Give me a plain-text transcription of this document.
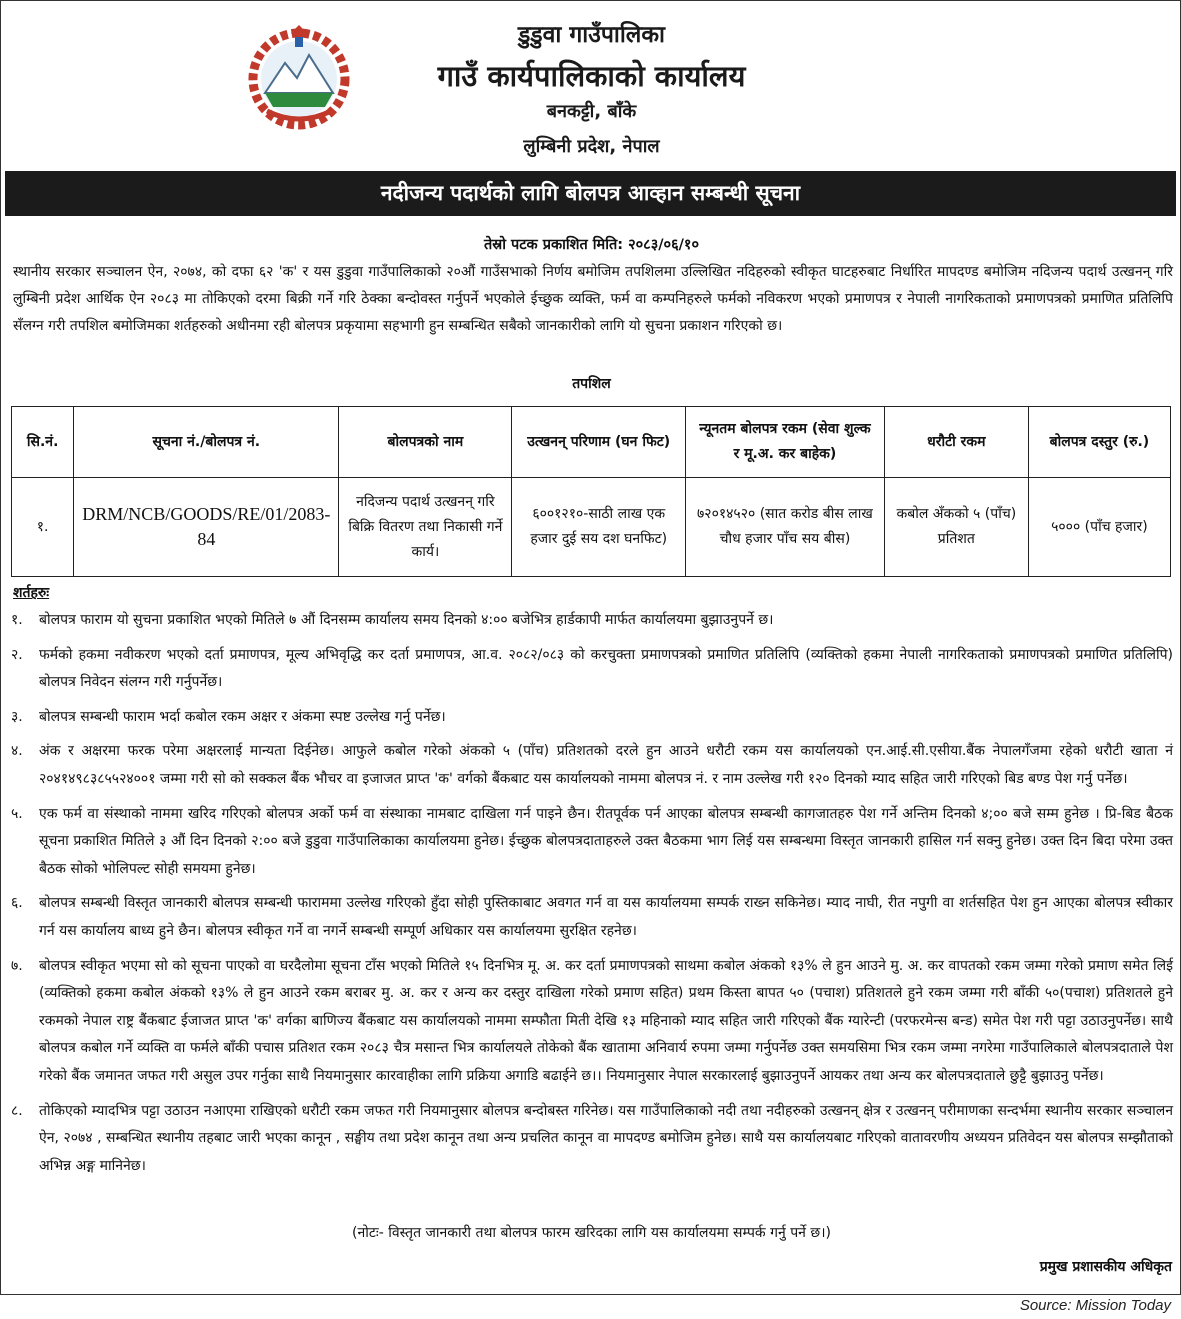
डुडुवा गाउँपालिका
गाउँ कार्यपालिकाको कार्यालय
बनकट्टी, बाँके
लुम्बिनी प्रदेश, नेपाल
नदीजन्य पदार्थको लागि बोलपत्र आव्हान सम्बन्धी सूचना
तेस्रो पटक प्रकाशित मिति: २०८३/०६/१०

स्थानीय सरकार सञ्चालन ऐन, २०७४, को दफा ६२ 'क' र यस डुडुवा गाउँपालिकाको २०औं गाउँसभाको निर्णय बमोजिम तपशिलमा उल्लिखित नदिहरुको स्वीकृत घाटहरुबाट निर्धारित मापदण्ड बमोजिम नदिजन्य पदार्थ उत्खनन् गरि लुम्बिनी प्रदेश आर्थिक ऐन २०८३ मा तोकिएको दरमा बिक्री गर्ने गरि ठेक्का बन्दोवस्त गर्नुपर्ने भएकोले ईच्छुक व्यक्ति, फर्म वा कम्पनिहरुले फर्मको नविकरण भएको प्रमाणपत्र र नेपाली नागरिकताको प्रमाणपत्रको प्रमाणित प्रतिलिपि सँलग्न गरी तपशिल बमोजिमका शर्तहरुको अधीनमा रही बोलपत्र प्रकृयामा सहभागी हुन सम्बन्धित सबैको जानकारीको लागि यो सुचना प्रकाशन गरिएको छ।

तपशिल
सि.नं.	सूचना नं./बोलपत्र नं.	बोलपत्रको नाम	उत्खनन् परिणाम (घन फिट)	न्यूनतम बोलपत्र रकम (सेवा शुल्क र मू.अ. कर बाहेक)	धरौटी रकम	बोलपत्र दस्तुर (रु.)
१.	DRM/NCB/GOODS/RE/01/2083-84	नदिजन्य पदार्थ उत्खनन् गरि बिक्रि वितरण तथा निकासी गर्ने कार्य।	६००१२१०-साठी लाख एक हजार दुई सय दश घनफिट)	७२०१४५२० (सात करोड बीस लाख चौध हजार पाँच सय बीस)	कबोल अँकको ५ (पाँच) प्रतिशत	५००० (पाँच हजार)
शर्तहरुः
१.	बोलपत्र फाराम यो सुचना प्रकाशित भएको मितिले ७ औं दिनसम्म कार्यालय समय दिनको ४:०० बजेभित्र हार्डकापी मार्फत कार्यालयमा बुझाउनुपर्ने छ।
२.	फर्मको हकमा नवीकरण भएको दर्ता प्रमाणपत्र, मूल्य अभिवृद्धि कर दर्ता प्रमाणपत्र, आ.व. २०८२/०८३ को करचुक्ता प्रमाणपत्रको प्रमाणित प्रतिलिपि (व्यक्तिको हकमा नेपाली नागरिकताको प्रमाणपत्रको प्रमाणित प्रतिलिपि) बोलपत्र निवेदन संलग्न गरी गर्नुपर्नेछ।
३.	बोलपत्र सम्बन्धी फाराम भर्दा कबोल रकम अक्षर र अंकमा स्पष्ट उल्लेख गर्नु पर्नेछ।
४.	अंक र अक्षरमा फरक परेमा अक्षरलाई मान्यता दिईनेछ। आफुले कबोल गरेको अंकको ५ (पाँच) प्रतिशतको दरले हुन आउने धरौटी रकम यस कार्यालयको एन.आई.सी.एसीया.बैंक नेपालगँजमा रहेको धरौटी खाता नं २०४१४९८३८५५२४००१ जम्मा गरी सो को सक्कल बैंक भौचर वा इजाजत प्राप्त 'क' वर्गको बैंकबाट यस कार्यालयको नाममा बोलपत्र नं. र नाम उल्लेख गरी १२० दिनको म्याद सहित जारी गरिएको बिड बण्ड पेश गर्नु पर्नेछ।
५.	एक फर्म वा संस्थाको नाममा खरिद गरिएको बोलपत्र अर्को फर्म वा संस्थाका नामबाट दाखिला गर्न पाइने छैन। रीतपूर्वक पर्न आएका बोलपत्र सम्बन्धी कागजातहरु पेश गर्ने अन्तिम दिनको ४;०० बजे सम्म हुनेछ । प्रि-बिड बैठक सूचना प्रकाशित मितिले ३ औं दिन दिनको २:०० बजे डुडुवा गाउँपालिकाका कार्यालयमा हुनेछ। ईच्छुक बोलपत्रदाताहरुले उक्त बैठकमा भाग लिई यस सम्बन्धमा विस्तृत जानकारी हासिल गर्न सक्नु हुनेछ। उक्त दिन बिदा परेमा उक्त बैठक सोको भोलिपल्ट सोही समयमा हुनेछ।
६.	बोलपत्र सम्बन्धी विस्तृत जानकारी बोलपत्र सम्बन्धी फाराममा उल्लेख गरिएको हुँदा सोही पुस्तिकाबाट अवगत गर्न वा यस कार्यालयमा सम्पर्क राख्न सकिनेछ। म्याद नाघी, रीत नपुगी वा शर्तसहित पेश हुन आएका बोलपत्र स्वीकार गर्न यस कार्यालय बाध्य हुने छैन। बोलपत्र स्वीकृत गर्ने वा नगर्ने सम्बन्धी सम्पूर्ण अधिकार यस कार्यालयमा सुरक्षित रहनेछ।
७.	बोलपत्र स्वीकृत भएमा सो को सूचना पाएको वा घरदैलोमा सूचना टाँस भएको मितिले १५ दिनभित्र मू. अ. कर दर्ता प्रमाणपत्रको साथमा कबोल अंकको १३% ले हुन आउने मु. अ. कर वापतको रकम जम्मा गरेको प्रमाण समेत लिई (व्यक्तिको हकमा कबोल अंकको १३% ले हुन आउने रकम बराबर मु. अ. कर र अन्य कर दस्तुर दाखिला गरेको प्रमाण सहित) प्रथम किस्ता बापत ५० (पचाश) प्रतिशतले हुने रकम जम्मा गरी बाँकी ५०(पचाश) प्रतिशतले हुने रकमको नेपाल राष्ट्र बैंकबाट ईजाजत प्राप्त 'क' वर्गका बाणिज्य बैंकबाट यस कार्यालयको नाममा सम्फौता मिती देखि १३ महिनाको म्याद सहित जारी गरिएको बैंक ग्यारेन्टी (परफरमेन्स बन्ड) समेत पेश गरी पट्टा उठाउनुपर्नेछ। साथै बोलपत्र कबोल गर्ने व्यक्ति वा फर्मले बाँकी पचास प्रतिशत रकम २०८३ चैत्र मसान्त भित्र कार्यालयले तोकेको बैंक खातामा अनिवार्य रुपमा जम्मा गर्नुपर्नेछ उक्त समयसिमा भित्र रकम जम्मा नगरेमा गाउँपालिकाले बोलपत्रदाताले पेश गरेको बैंक जमानत जफत गरी असुल उपर गर्नुका साथै नियमानुसार कारवाहीका लागि प्रक्रिया अगाडि बढाईने छ।। नियमानुसार नेपाल सरकारलाई बुझाउनुपर्ने आयकर तथा अन्य कर बोलपत्रदाताले छुट्टै बुझाउनु पर्नेछ।
८.	तोकिएको म्यादभित्र पट्टा उठाउन नआएमा राखिएको धरौटी रकम जफत गरी नियमानुसार बोलपत्र बन्दोबस्त गरिनेछ। यस गाउँपालिकाको नदी तथा नदीहरुको उत्खनन् क्षेत्र र उत्खनन् परीमाणका सन्दर्भमा स्थानीय सरकार सञ्चालन ऐन, २०७४ , सम्बन्धित स्थानीय तहबाट जारी भएका कानून , सङ्घीय तथा प्रदेश कानून तथा अन्य प्रचलित कानून वा मापदण्ड बमोजिम हुनेछ। साथै यस कार्यालयबाट गरिएको वातावरणीय अध्ययन प्रतिवेदन यस बोलपत्र सम्झौताको अभिन्न अङ्ग मानिनेछ।
(नोटः- विस्तृत जानकारी तथा बोलपत्र फारम खरिदका लागि यस कार्यालयमा सम्पर्क गर्नु पर्ने छ।)
प्रमुख प्रशासकीय अधिकृत
Source: Mission Today
